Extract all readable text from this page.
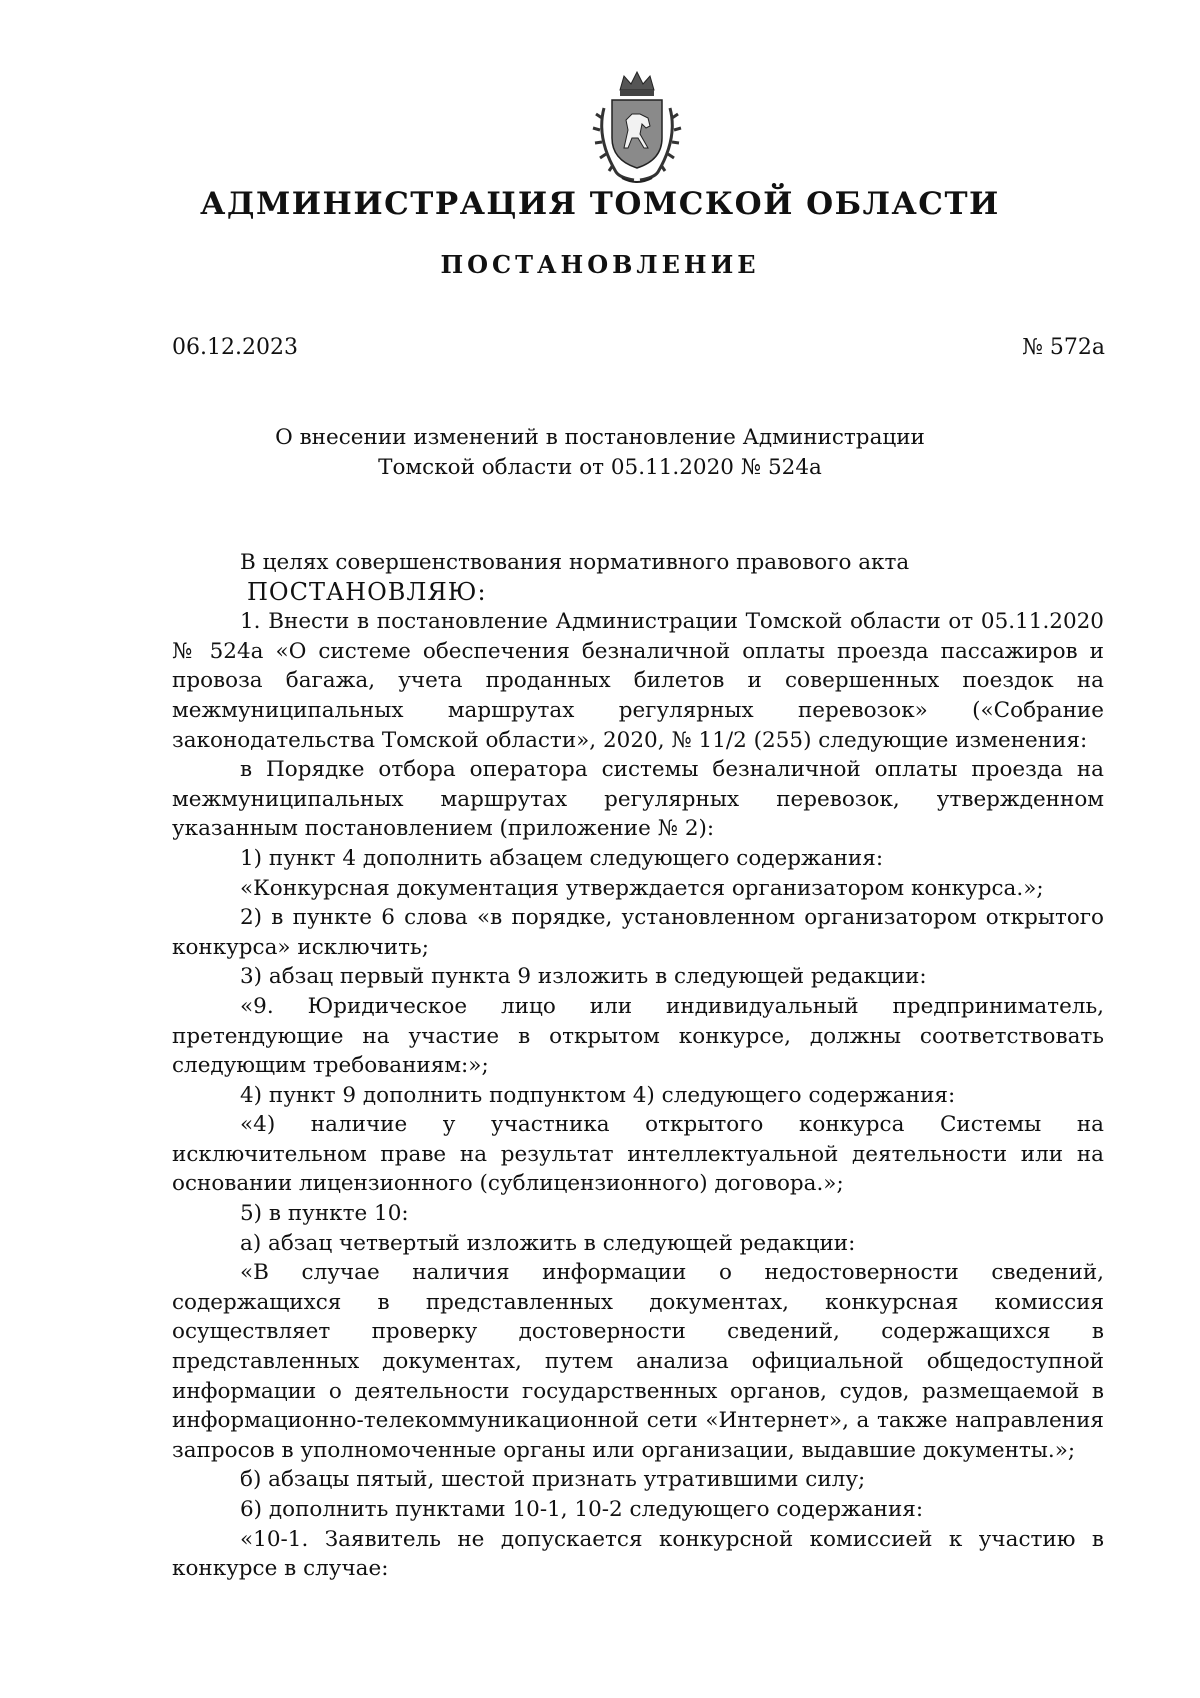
АДМИНИСТРАЦИЯ ТОМСКОЙ ОБЛАСТИ
ПОСТАНОВЛЕНИЕ
06.12.2023	№ 572а
О внесении изменений в постановление Администрации
Томской области от 05.11.2020 № 524а

В целях совершенствования нормативного правового акта

ПОСТАНОВЛЯЮ:

1. Внести в постановление Администрации Томской области от 05.11.2020 № 524а «О системе обеспечения безналичной оплаты проезда пассажиров и провоза багажа, учета проданных билетов и совершенных поездок на межмуниципальных маршрутах регулярных перевозок» («Собрание законодательства Томской области», 2020, № 11/2 (255) следующие изменения:

в Порядке отбора оператора системы безналичной оплаты проезда на межмуниципальных маршрутах регулярных перевозок, утвержденном указанным постановлением (приложение № 2):

1) пункт 4 дополнить абзацем следующего содержания:

«Конкурсная документация утверждается организатором конкурса.»;

2) в пункте 6 слова «в порядке, установленном организатором открытого конкурса» исключить;

3) абзац первый пункта 9 изложить в следующей редакции:

«9. Юридическое лицо или индивидуальный предприниматель, претендующие на участие в открытом конкурсе, должны соответствовать следующим требованиям:»;

4) пункт 9 дополнить подпунктом 4) следующего содержания:

«4) наличие у участника открытого конкурса Системы на исключительном праве на результат интеллектуальной деятельности или на основании лицензионного (сублицензионного) договора.»;

5) в пункте 10:

а) абзац четвертый изложить в следующей редакции:

«В случае наличия информации о недостоверности сведений, содержащихся в представленных документах, конкурсная комиссия осуществляет проверку достоверности сведений, содержащихся в представленных документах, путем анализа официальной общедоступной информации о деятельности государственных органов, судов, размещаемой в информационно-телекоммуникационной сети «Интернет», а также направления запросов в уполномоченные органы или организации, выдавшие документы.»;

б) абзацы пятый, шестой признать утратившими силу;

6) дополнить пунктами 10-1, 10-2 следующего содержания:

«10-1. Заявитель не допускается конкурсной комиссией к участию в конкурсе в случае:
